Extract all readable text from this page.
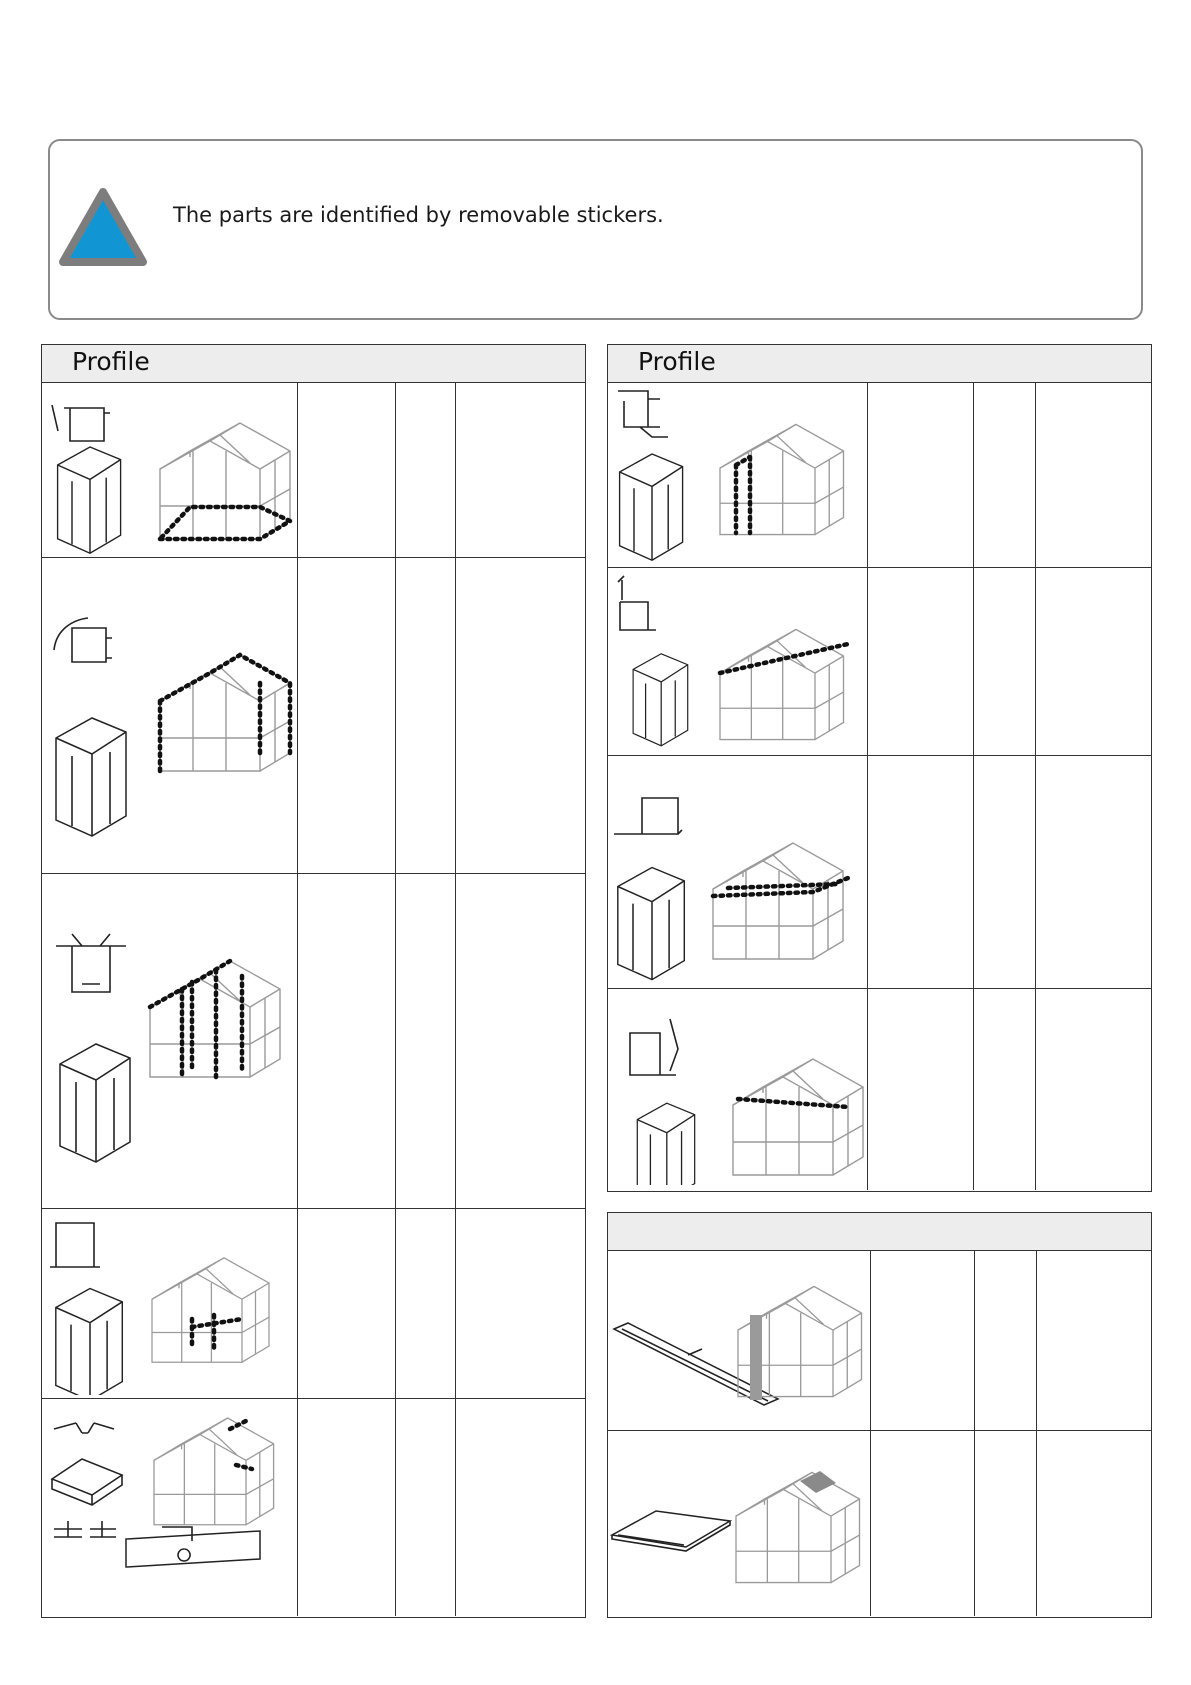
The parts are identified by removable stickers.
Profile	Profile
